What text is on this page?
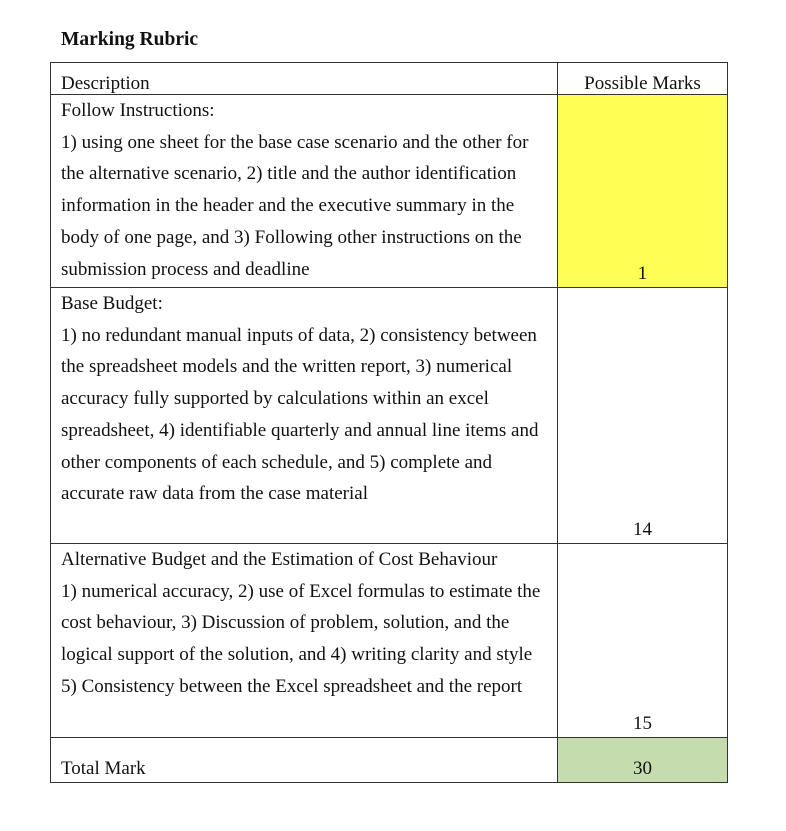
Marking Rubric
Description	Possible Marks

Follow Instructions:
1) using one sheet for the base case scenario and the other for the alternative scenario, 2) title and the author identification information in the header and the executive summary in the body of one page, and 3) Following other instructions on the submission process and deadline	1

Base Budget:
1) no redundant manual inputs of data, 2) consistency between the spreadsheet models and the written report, 3) numerical accuracy fully supported by calculations within an excel spreadsheet, 4) identifiable quarterly and annual line items and other components of each schedule, and 5) complete and accurate raw data from the case material	14

Alternative Budget and the Estimation of Cost Behaviour
1) numerical accuracy, 2) use of Excel formulas to estimate the cost behaviour, 3) Discussion of problem, solution, and the logical support of the solution, and 4) writing clarity and style 5) Consistency between the Excel spreadsheet and the report	15

Total Mark	30
